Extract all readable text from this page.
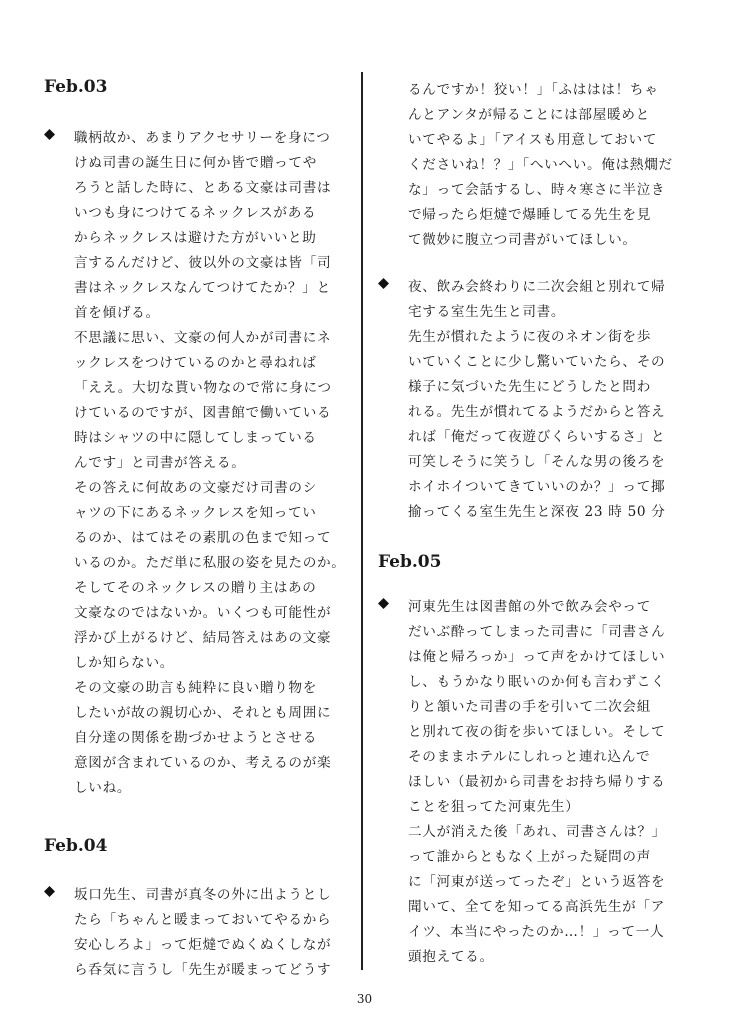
Feb.03

職柄故か、あまりアクセサリーを身につ
けぬ司書の誕生日に何か皆で贈ってや
ろうと話した時に、とある文豪は司書は
いつも身につけてるネックレスがある
からネックレスは避けた方がいいと助
言するんだけど、彼以外の文豪は皆「司
書はネックレスなんてつけてたか？」と
首を傾げる。

不思議に思い、文豪の何人かが司書にネ
ックレスをつけているのかと尋ねれば
「ええ。大切な貰い物なので常に身につ
けているのですが、図書館で働いている
時はシャツの中に隠してしまっている
んです」と司書が答える。

その答えに何故あの文豪だけ司書のシ
ャツの下にあるネックレスを知ってい
るのか、はてはその素肌の色まで知って
いるのか。ただ単に私服の姿を見たのか。
そしてそのネックレスの贈り主はあの
文豪なのではないか。いくつも可能性が
浮かび上がるけど、結局答えはあの文豪
しか知らない。

その文豪の助言も純粋に良い贈り物を
したいが故の親切心か、それとも周囲に
自分達の関係を勘づかせようとさせる
意図が含まれているのか、考えるのが楽
しいね。

Feb.04

坂口先生、司書が真冬の外に出ようとし
たら「ちゃんと暖まっておいてやるから
安心しろよ」って炬燵でぬくぬくしなが
ら呑気に言うし「先生が暖まってどうす

るんですか！狡い！」「ふははは！ちゃ
んとアンタが帰ることには部屋暖めと
いてやるよ」「アイスも用意しておいて
くださいね！？」「へいへい。俺は熱燗だ
な」って会話するし、時々寒さに半泣き
で帰ったら炬燵で爆睡してる先生を見
て微妙に腹立つ司書がいてほしい。

夜、飲み会終わりに二次会組と別れて帰
宅する室生先生と司書。

先生が慣れたように夜のネオン街を歩
いていくことに少し驚いていたら、その
様子に気づいた先生にどうしたと問わ
れる。先生が慣れてるようだからと答え
れば「俺だって夜遊びくらいするさ」と
可笑しそうに笑うし「そんな男の後ろを
ホイホイついてきていいのか？」って揶
揄ってくる室生先生と深夜 23 時 50 分

Feb.05

河東先生は図書館の外で飲み会やって
だいぶ酔ってしまった司書に「司書さん
は俺と帰ろっか」って声をかけてほしい
し、もうかなり眠いのか何も言わずこく
りと頷いた司書の手を引いて二次会組
と別れて夜の街を歩いてほしい。そして
そのままホテルにしれっと連れ込んで
ほしい（最初から司書をお持ち帰りする
ことを狙ってた河東先生）

二人が消えた後「あれ、司書さんは？」
って誰からともなく上がった疑問の声
に「河東が送ってったぞ」という返答を
聞いて、全てを知ってる高浜先生が「ア
イツ、本当にやったのか…！」って一人
頭抱えてる。

30
